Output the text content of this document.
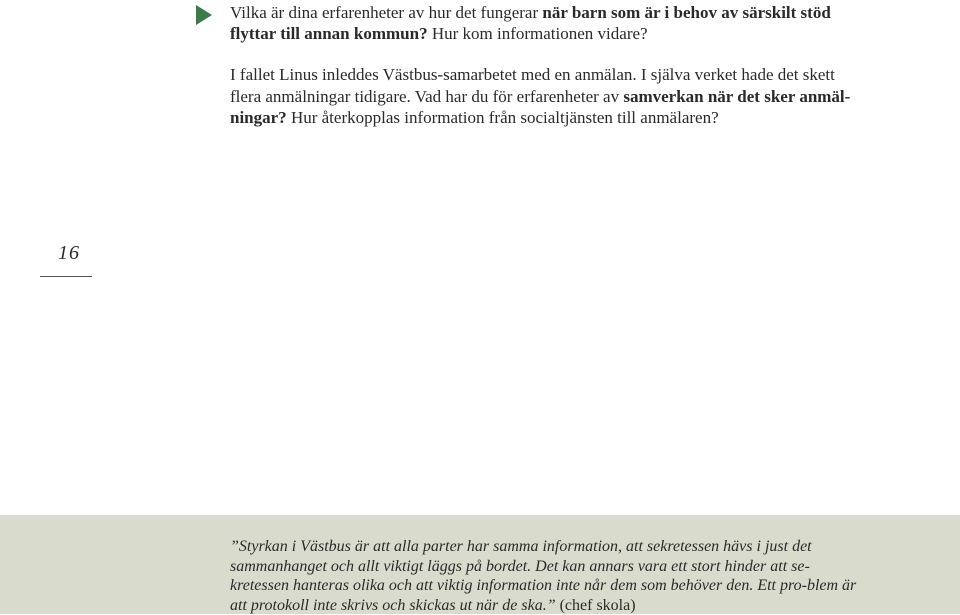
Vilka är dina erfarenheter av hur det fungerar när barn som är i behov av särskilt stöd flyttar till annan kommun? Hur kom informationen vidare?

I fallet Linus inleddes Västbus-samarbetet med en anmälan. I själva verket hade det skett flera anmälningar tidigare. Vad har du för erfarenheter av samverkan när det sker anmäl-ningar? Hur återkopplas information från socialtjänsten till anmälaren?

16

”Styrkan i Västbus är att alla parter har samma information, att sekretessen hävs i just det sammanhanget och allt viktigt läggs på bordet. Det kan annars vara ett stort hinder att se-kretessen hanteras olika och att viktig information inte når dem som behöver den. Ett pro-blem är att protokoll inte skrivs och skickas ut när de ska.” (chef skola)
